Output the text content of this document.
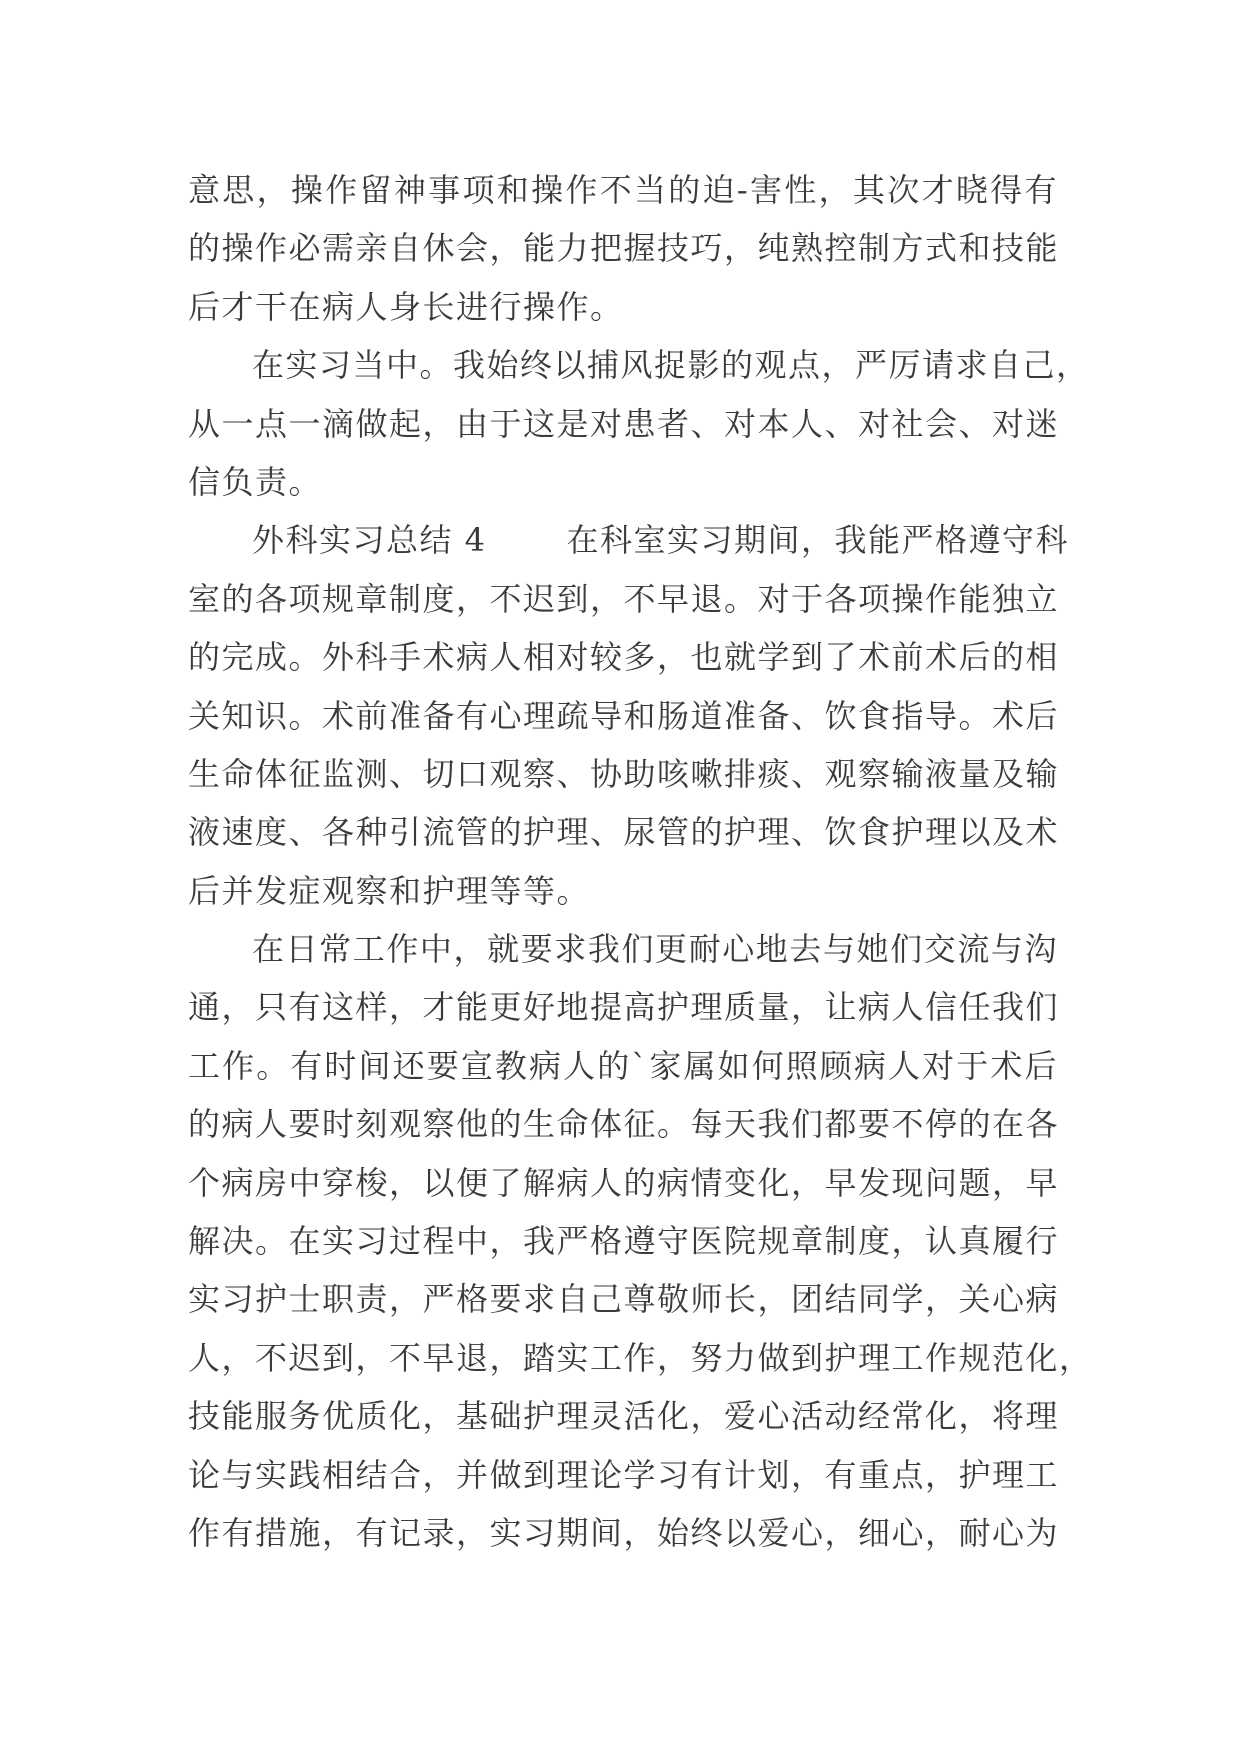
意思，操作留神事项和操作不当的迫-害性，其次才晓得有
的操作必需亲自休会，能力把握技巧，纯熟控制方式和技能
后才干在病人身长进行操作。
在实习当中。我始终以捕风捉影的观点，严厉请求自己，
从一点一滴做起，由于这是对患者、对本人、对社会、对迷
信负责。
外科实习总结 4	在科室实习期间，我能严格遵守科
室的各项规章制度，不迟到，不早退。对于各项操作能独立
的完成。外科手术病人相对较多，也就学到了术前术后的相
关知识。术前准备有心理疏导和肠道准备、饮食指导。术后
生命体征监测、切口观察、协助咳嗽排痰、观察输液量及输
液速度、各种引流管的护理、尿管的护理、饮食护理以及术
后并发症观察和护理等等。
在日常工作中，就要求我们更耐心地去与她们交流与沟
通，只有这样，才能更好地提高护理质量，让病人信任我们
工作。有时间还要宣教病人的`家属如何照顾病人对于术后
的病人要时刻观察他的生命体征。每天我们都要不停的在各
个病房中穿梭，以便了解病人的病情变化，早发现问题，早
解决。在实习过程中，我严格遵守医院规章制度，认真履行
实习护士职责，严格要求自己尊敬师长，团结同学，关心病
人，不迟到，不早退，踏实工作，努力做到护理工作规范化，
技能服务优质化，基础护理灵活化，爱心活动经常化，将理
论与实践相结合，并做到理论学习有计划，有重点，护理工
作有措施，有记录，实习期间，始终以爱心，细心，耐心为
